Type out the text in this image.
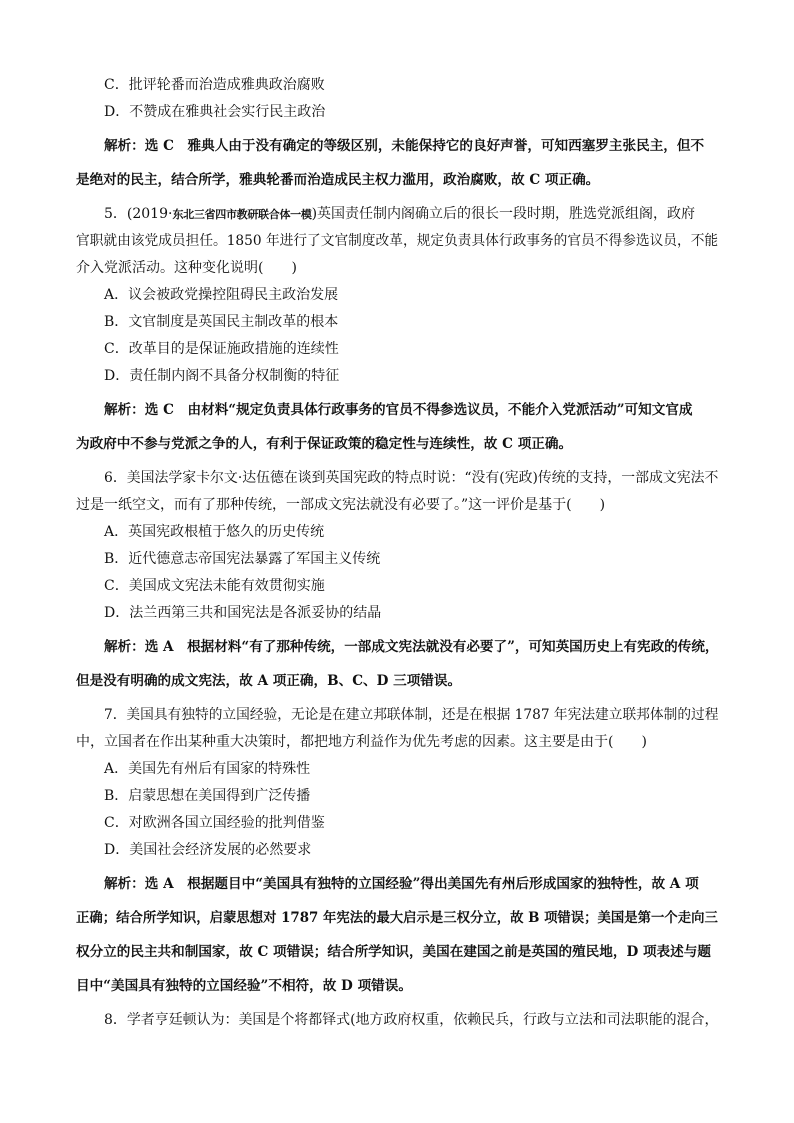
C．批评轮番而治造成雅典政治腐败
D．不赞成在雅典社会实行民主政治
解析：选 C　雅典人由于没有确定的等级区别，未能保持它的良好声誉，可知西塞罗主张民主，但不
是绝对的民主，结合所学，雅典轮番而治造成民主权力滥用，政治腐败，故 C 项正确。
5．(2019·东北三省四市教研联合体一模)英国责任制内阁确立后的很长一段时期，胜选党派组阁，政府
官职就由该党成员担任。1850 年进行了文官制度改革，规定负责具体行政事务的官员不得参选议员，不能
介入党派活动。这种变化说明(　　)
A．议会被政党操控阻碍民主政治发展
B．文官制度是英国民主制改革的根本
C．改革目的是保证施政措施的连续性
D．责任制内阁不具备分权制衡的特征
解析：选 C　由材料“规定负责具体行政事务的官员不得参选议员，不能介入党派活动”可知文官成
为政府中不参与党派之争的人，有利于保证政策的稳定性与连续性，故 C 项正确。
6．美国法学家卡尔文·达伍德在谈到英国宪政的特点时说：“没有(宪政)传统的支持，一部成文宪法不
过是一纸空文，而有了那种传统，一部成文宪法就没有必要了。”这一评价是基于(　　)
A．英国宪政根植于悠久的历史传统
B．近代德意志帝国宪法暴露了军国主义传统
C．美国成文宪法未能有效贯彻实施
D．法兰西第三共和国宪法是各派妥协的结晶
解析：选 A　根据材料“有了那种传统，一部成文宪法就没有必要了”，可知英国历史上有宪政的传统，
但是没有明确的成文宪法，故 A 项正确，B、C、D 三项错误。
7．美国具有独特的立国经验，无论是在建立邦联体制，还是在根据 1787 年宪法建立联邦体制的过程
中，立国者在作出某种重大决策时，都把地方利益作为优先考虑的因素。这主要是由于(　　)
A．美国先有州后有国家的特殊性
B．启蒙思想在美国得到广泛传播
C．对欧洲各国立国经验的批判借鉴
D．美国社会经济发展的必然要求
解析：选 A　根据题目中“美国具有独特的立国经验”得出美国先有州后形成国家的独特性，故 A 项
正确；结合所学知识，启蒙思想对 1787 年宪法的最大启示是三权分立，故 B 项错误；美国是第一个走向三
权分立的民主共和制国家，故 C 项错误；结合所学知识，美国在建国之前是英国的殖民地，D 项表述与题
目中“美国具有独特的立国经验”不相符，故 D 项错误。
8．学者亨廷顿认为：美国是个将都铎式(地方政府权重，依赖民兵，行政与立法和司法职能的混合，
